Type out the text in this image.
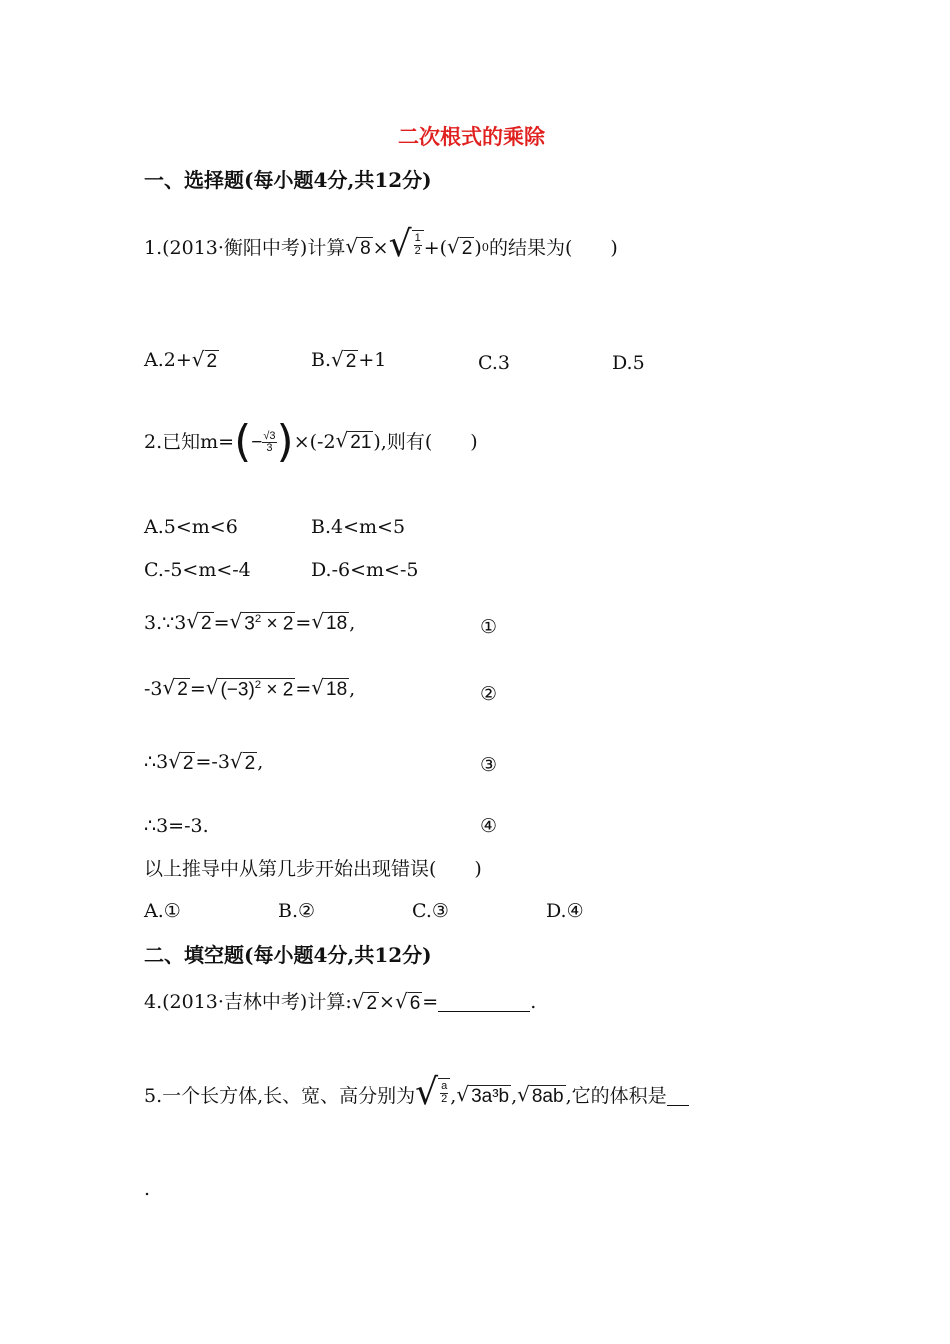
二次根式的乘除
一、选择题(每小题4分,共12分)
1.(2013·衡阳中考)计算 √ 8 × √ $\frac{1}{2}$ +( √ 2 ) 0 的结果为(　　)
A.2+ √ 2	B. √ 2 +1	C.3	D.5
2.已知m= ( − $\frac{√3}{3}$ ) ×(-2 √ 21 ),则有(　　)
A.5<m<6	B.4<m<5
C.-5<m<-4	D.-6<m<-5
3.∵3 √ 2 = √ $3^2 \times 2$ = √ 18 ,	①
-3 √ 2 = √ $(-3)^2 \times 2$ = √ 18 ,	②
∴3 √ 2 =-3 √ 2 ,	③
∴3=-3.	④
以上推导中从第几步开始出现错误(　　)
A.①	B.②	C.③	D.④
二、填空题(每小题4分,共12分)
4.(2013·吉林中考)计算: √ 2 × √ 6 =	.
5.一个长方体,长、宽、高分别为 √ $\frac{a}{2}$ , √ 3a³b , √ 8ab ,它的体积是
.
